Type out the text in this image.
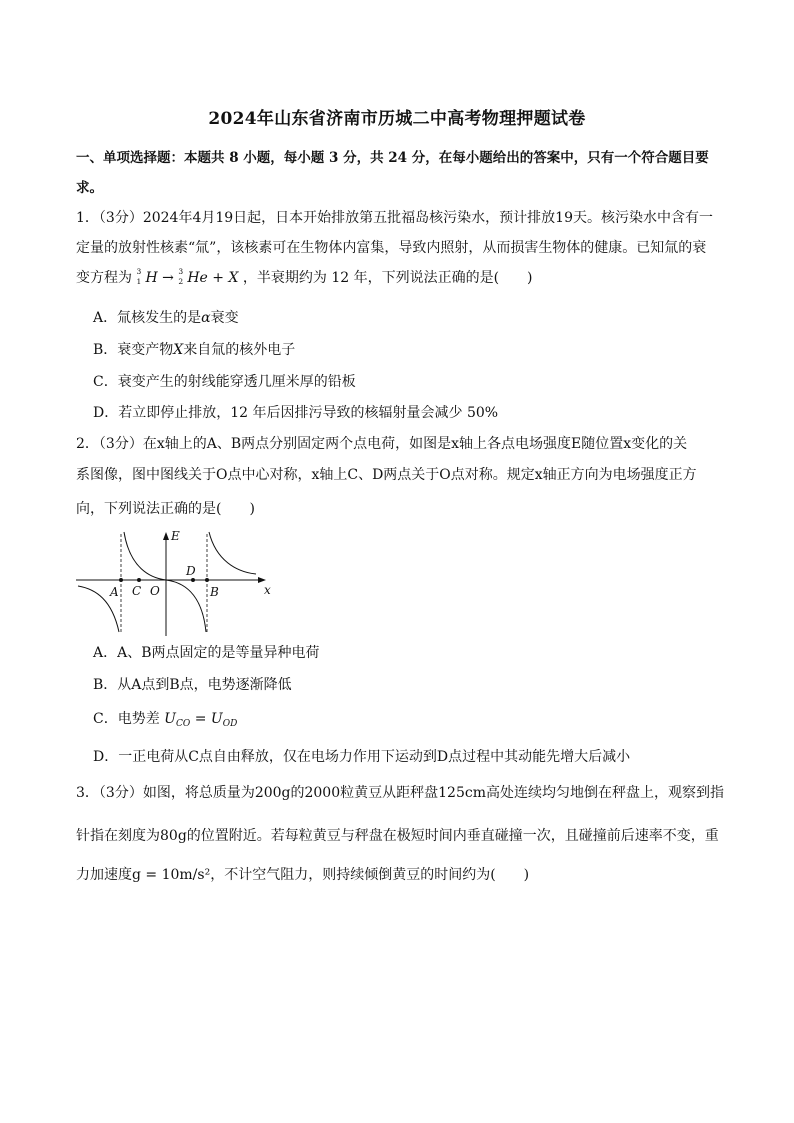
2024年山东省济南市历城二中高考物理押题试卷
一、单项选择题：本题共 8 小题，每小题 3 分，共 24 分，在每小题给出的答案中，只有一个符合题目要
求。
1．（3分）2024年4月19日起，日本开始排放第五批福岛核污染水，预计排放19天。核污染水中含有一
定量的放射性核素“氚”，该核素可在生物体内富集，导致内照射，从而损害生物体的健康。已知氚的衰
变方程为 3
1 H → 3
2 He + X ，半衰期约为 12 年，下列说法正确的是(　　)
A．氚核发生的是α衰变
B．衰变产物X来自氚的核外电子
C．衰变产生的射线能穿透几厘米厚的铅板
D．若立即停止排放，12 年后因排污导致的核辐射量会减少 50%
2．（3分）在x轴上的A、B两点分别固定两个点电荷，如图是x轴上各点电场强度E随位置x变化的关
系图像，图中图线关于O点中心对称，x轴上C、D两点关于O点对称。规定x轴正方向为电场强度正方
向，下列说法正确的是(　　)
E
x
A C O
D
B
A．A、B两点固定的是等量异种电荷
B．从A点到B点，电势逐渐降低
C．电势差 $U_{CO} = U_{OD}$
D．一正电荷从C点自由释放，仅在电场力作用下运动到D点过程中其动能先增大后减小
3．（3分）如图，将总质量为200g的2000粒黄豆从距秤盘125cm高处连续均匀地倒在秤盘上，观察到指
针指在刻度为80g的位置附近。若每粒黄豆与秤盘在极短时间内垂直碰撞一次，且碰撞前后速率不变，重
力加速度g = 10m/s²，不计空气阻力，则持续倾倒黄豆的时间约为(　　)
